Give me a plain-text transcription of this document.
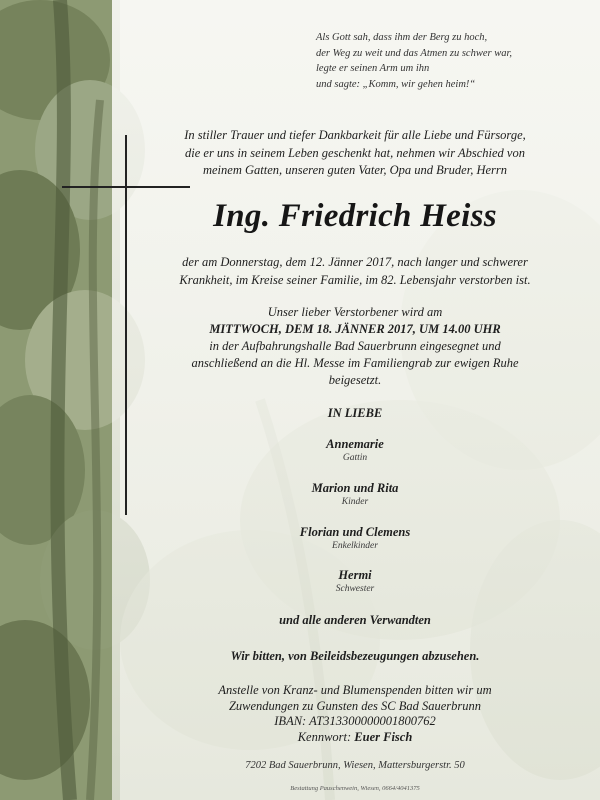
Als Gott sah, dass ihm der Berg zu hoch,
der Weg zu weit und das Atmen zu schwer war,
legte er seinen Arm um ihn
und sagte: „Komm, wir gehen heim!“
In stiller Trauer und tiefer Dankbarkeit für alle Liebe und Fürsorge,
die er uns in seinem Leben geschenkt hat, nehmen wir Abschied von
meinem Gatten, unseren guten Vater, Opa und Bruder, Herrn
Ing. Friedrich Heiss
der am Donnerstag, dem 12. Jänner 2017, nach langer und schwerer
Krankheit, im Kreise seiner Familie, im 82. Lebensjahr verstorben ist.
Unser lieber Verstorbener wird am
MITTWOCH, DEM 18. JÄNNER 2017, UM 14.00 UHR
in der Aufbahrungshalle Bad Sauerbrunn eingesegnet und
anschließend an die Hl. Messe im Familiengrab zur ewigen Ruhe
beigesetzt.
IN LIEBE
Annemarie
Gattin
Marion und Rita
Kinder
Florian und Clemens
Enkelkinder
Hermi
Schwester
und alle anderen Verwandten
Wir bitten, von Beileidsbezeugungen abzusehen.
Anstelle von Kranz- und Blumenspenden bitten wir um
Zuwendungen zu Gunsten des SC Bad Sauerbrunn
IBAN: AT313300000001800762
Kennwort: Euer Fisch
7202 Bad Sauerbrunn, Wiesen, Mattersburgerstr. 50
Bestattung Pauschenwein, Wiesen, 0664/4041375
